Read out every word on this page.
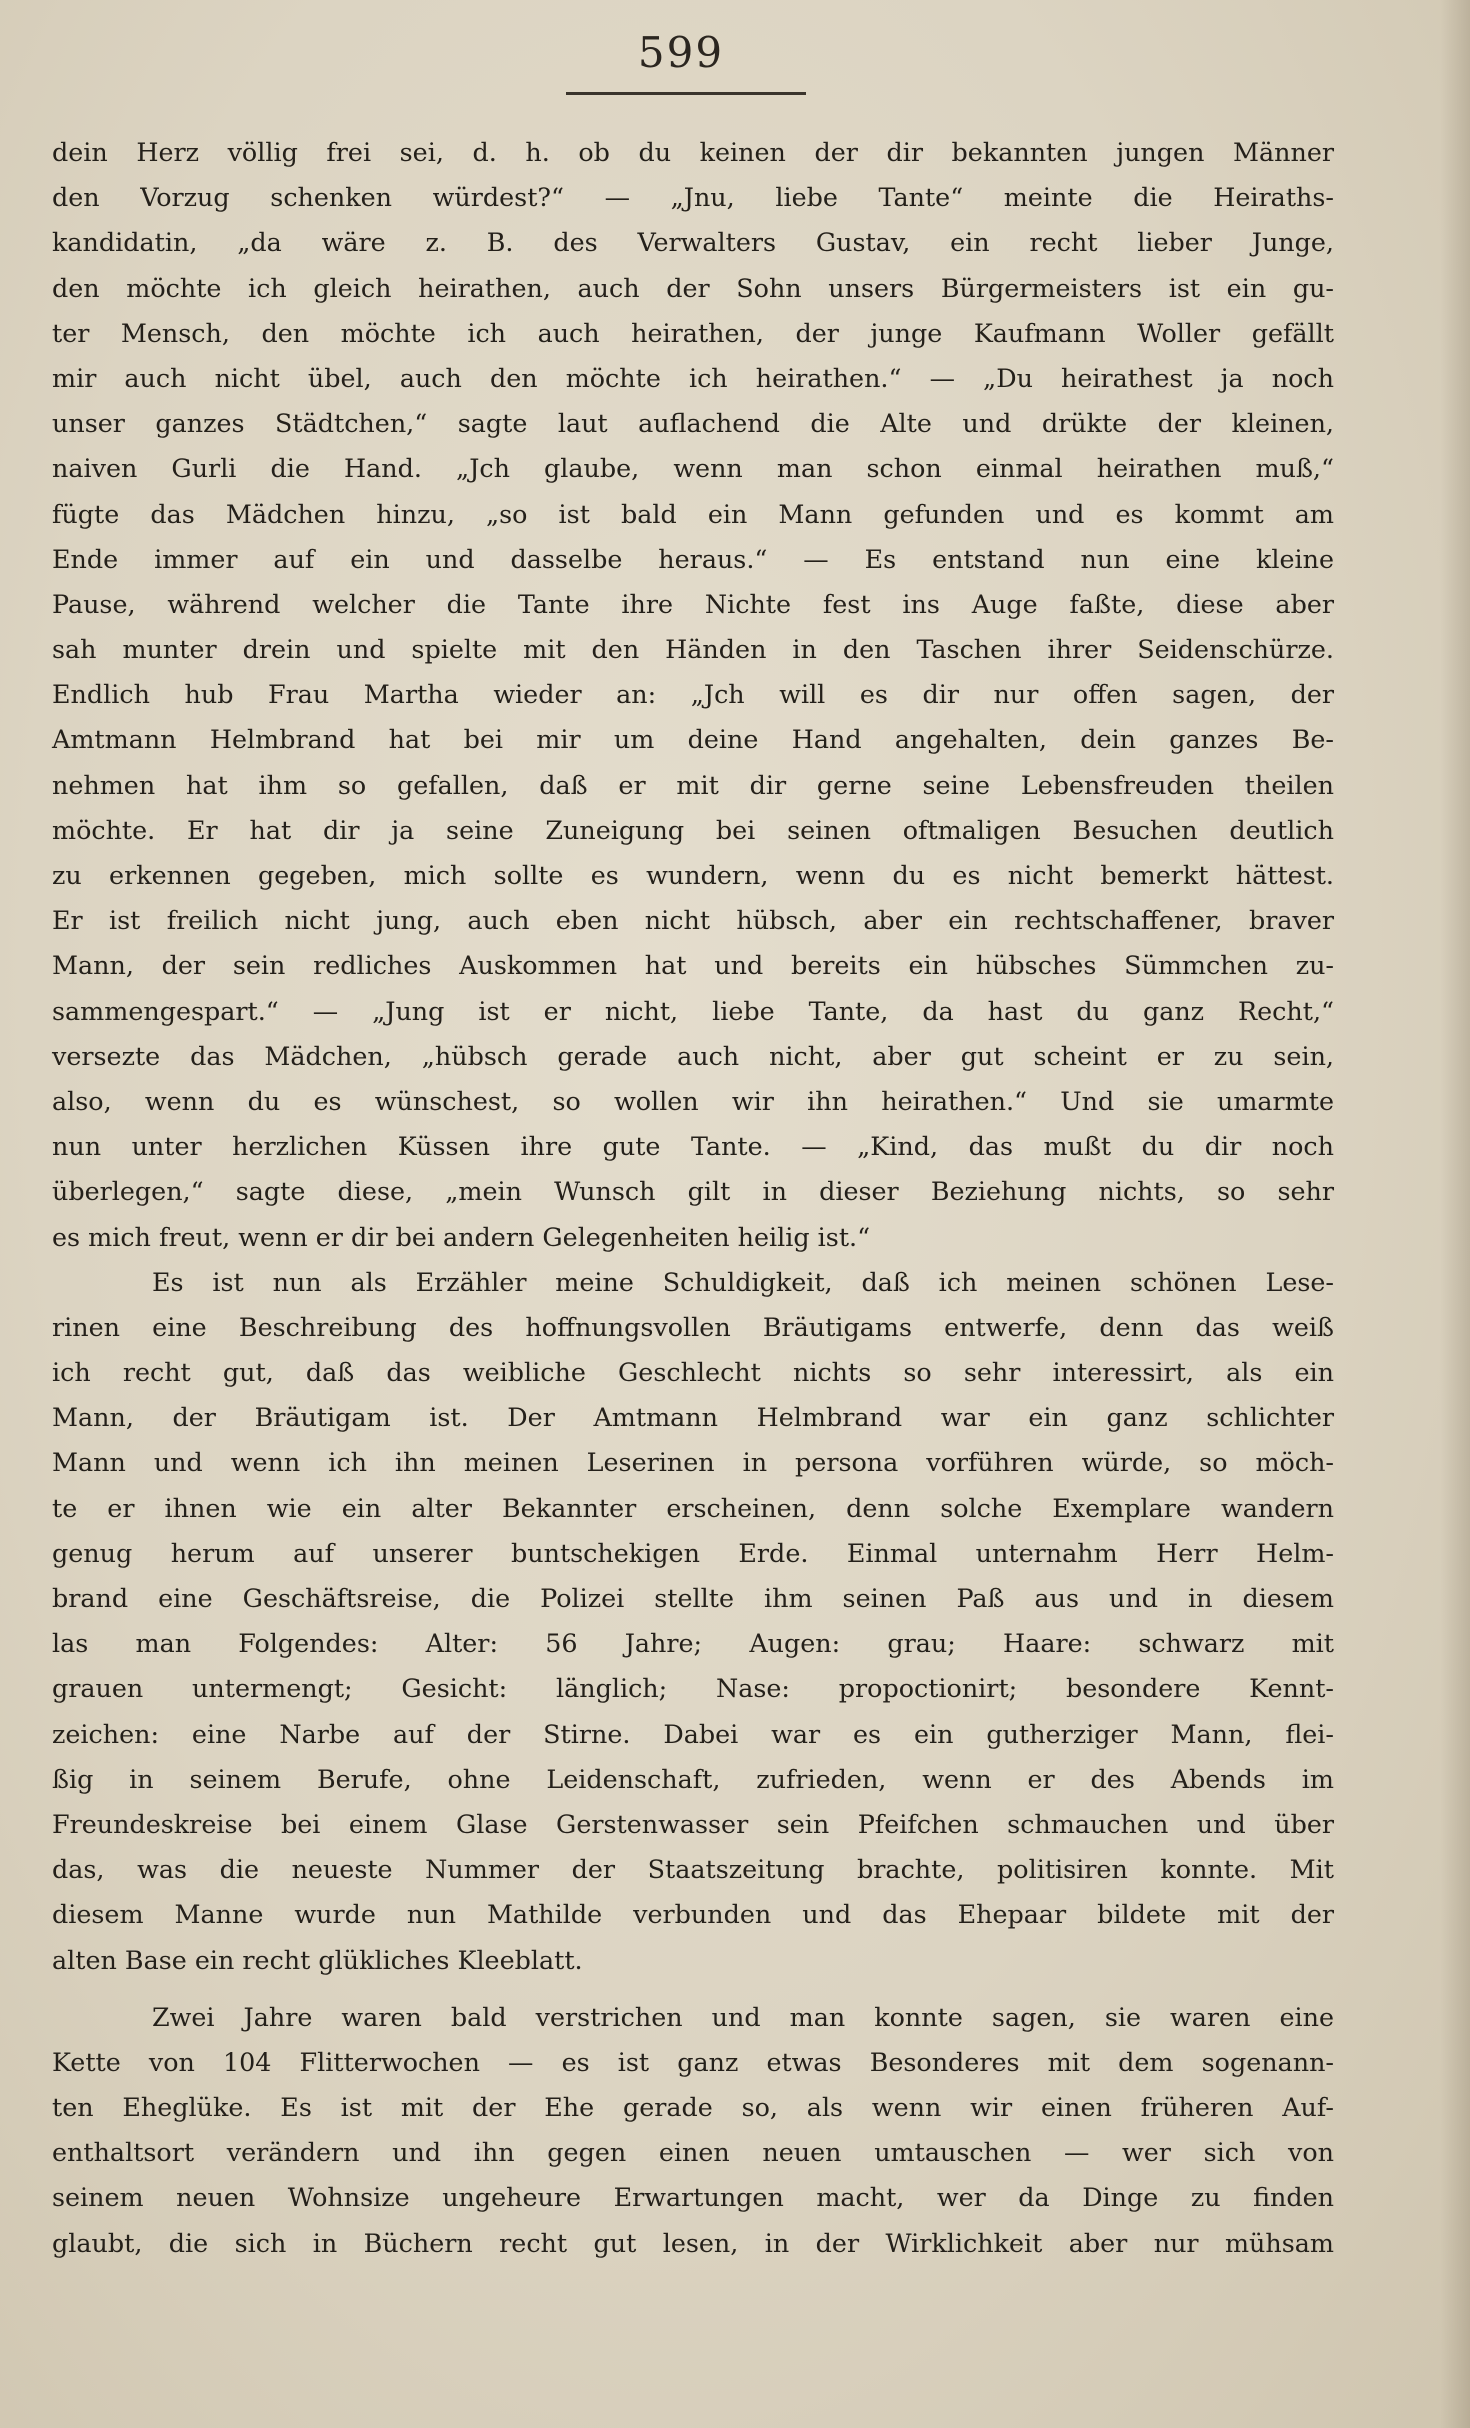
599
dein Herz völlig frei sei, d. h. ob du keinen der dir bekannten jungen Männer
den Vorzug schenken würdest?“ — „Jnu, liebe Tante“ meinte die Heiraths-
kandidatin, „da wäre z. B. des Verwalters Gustav, ein recht lieber Junge,
den möchte ich gleich heirathen, auch der Sohn unsers Bürgermeisters ist ein gu-
ter Mensch, den möchte ich auch heirathen, der junge Kaufmann Woller gefällt
mir auch nicht übel, auch den möchte ich heirathen.“ — „Du heirathest ja noch
unser ganzes Städtchen,“ sagte laut auflachend die Alte und drükte der kleinen,
naiven Gurli die Hand. „Jch glaube, wenn man schon einmal heirathen muß,“
fügte das Mädchen hinzu, „so ist bald ein Mann gefunden und es kommt am
Ende immer auf ein und dasselbe heraus.“ — Es entstand nun eine kleine
Pause, während welcher die Tante ihre Nichte fest ins Auge faßte, diese aber
sah munter drein und spielte mit den Händen in den Taschen ihrer Seidenschürze.
Endlich hub Frau Martha wieder an: „Jch will es dir nur offen sagen, der
Amtmann Helmbrand hat bei mir um deine Hand angehalten, dein ganzes Be-
nehmen hat ihm so gefallen, daß er mit dir gerne seine Lebensfreuden theilen
möchte. Er hat dir ja seine Zuneigung bei seinen oftmaligen Besuchen deutlich
zu erkennen gegeben, mich sollte es wundern, wenn du es nicht bemerkt hättest.
Er ist freilich nicht jung, auch eben nicht hübsch, aber ein rechtschaffener, braver
Mann, der sein redliches Auskommen hat und bereits ein hübsches Sümmchen zu-
sammengespart.“ — „Jung ist er nicht, liebe Tante, da hast du ganz Recht,“
versezte das Mädchen, „hübsch gerade auch nicht, aber gut scheint er zu sein,
also, wenn du es wünschest, so wollen wir ihn heirathen.“ Und sie umarmte
nun unter herzlichen Küssen ihre gute Tante. — „Kind, das mußt du dir noch
überlegen,“ sagte diese, „mein Wunsch gilt in dieser Beziehung nichts, so sehr
es mich freut, wenn er dir bei andern Gelegenheiten heilig ist.“
Es ist nun als Erzähler meine Schuldigkeit, daß ich meinen schönen Lese-
rinen eine Beschreibung des hoffnungsvollen Bräutigams entwerfe, denn das weiß
ich recht gut, daß das weibliche Geschlecht nichts so sehr interessirt, als ein
Mann, der Bräutigam ist. Der Amtmann Helmbrand war ein ganz schlichter
Mann und wenn ich ihn meinen Leserinen in persona vorführen würde, so möch-
te er ihnen wie ein alter Bekannter erscheinen, denn solche Exemplare wandern
genug herum auf unserer buntschekigen Erde. Einmal unternahm Herr Helm-
brand eine Geschäftsreise, die Polizei stellte ihm seinen Paß aus und in diesem
las man Folgendes: Alter: 56 Jahre; Augen: grau; Haare: schwarz mit
grauen untermengt; Gesicht: länglich; Nase: propoctionirt; besondere Kennt-
zeichen: eine Narbe auf der Stirne. Dabei war es ein gutherziger Mann, flei-
ßig in seinem Berufe, ohne Leidenschaft, zufrieden, wenn er des Abends im
Freundeskreise bei einem Glase Gerstenwasser sein Pfeifchen schmauchen und über
das, was die neueste Nummer der Staatszeitung brachte, politisiren konnte. Mit
diesem Manne wurde nun Mathilde verbunden und das Ehepaar bildete mit der
alten Base ein recht glükliches Kleeblatt.
Zwei Jahre waren bald verstrichen und man konnte sagen, sie waren eine
Kette von 104 Flitterwochen — es ist ganz etwas Besonderes mit dem sogenann-
ten Eheglüke. Es ist mit der Ehe gerade so, als wenn wir einen früheren Auf-
enthaltsort verändern und ihn gegen einen neuen umtauschen — wer sich von
seinem neuen Wohnsize ungeheure Erwartungen macht, wer da Dinge zu finden
glaubt, die sich in Büchern recht gut lesen, in der Wirklichkeit aber nur mühsam
